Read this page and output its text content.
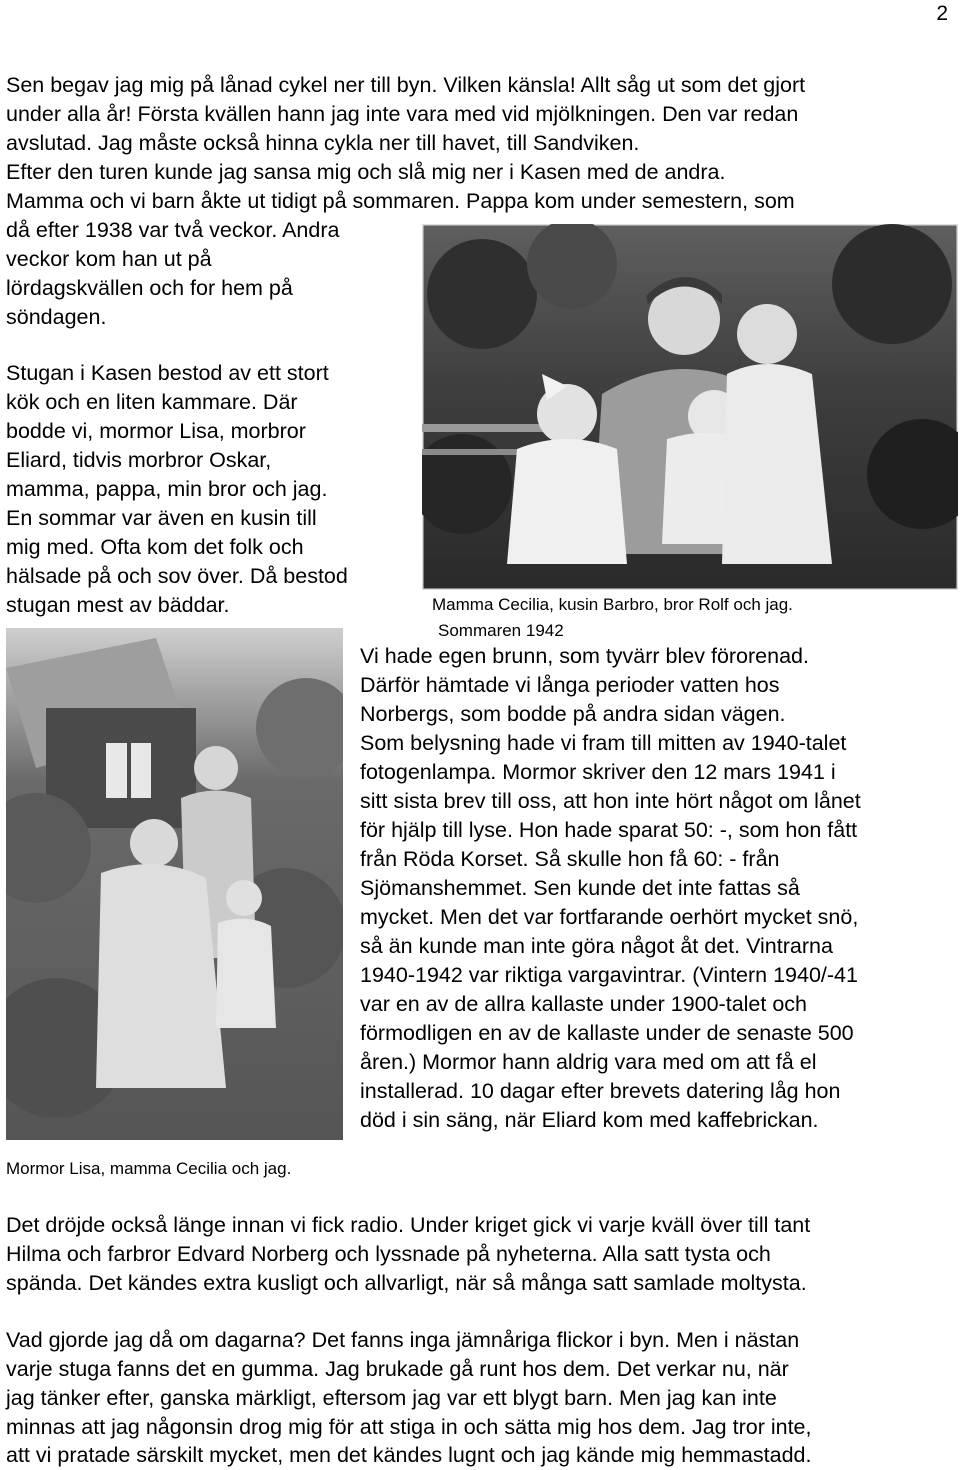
2
Sen begav jag mig på lånad cykel ner till byn. Vilken känsla! Allt såg ut som det gjort
under alla år! Första kvällen hann jag inte vara med vid mjölkningen. Den var redan
avslutad. Jag måste också hinna cykla ner till havet, till Sandviken.
Efter den turen kunde jag sansa mig och slå mig ner i Kasen med de andra.
Mamma och vi barn åkte ut tidigt på sommaren. Pappa kom under semestern, som
då efter 1938 var två veckor. Andra
veckor kom han ut på
lördagskvällen och for hem på
söndagen.
Stugan i Kasen bestod av ett stort
kök och en liten kammare. Där
bodde vi, mormor Lisa, morbror
Eliard, tidvis morbror Oskar,
mamma, pappa, min bror och jag.
En sommar var även en kusin till
mig med. Ofta kom det folk och
hälsade på och sov över. Då bestod
stugan mest av bäddar.	Mamma Cecilia, kusin Barbro, bror Rolf och jag.
Sommaren 1942
Vi hade egen brunn, som tyvärr blev förorenad.
Därför hämtade vi långa perioder vatten hos
Norbergs, som bodde på andra sidan vägen.
Som belysning hade vi fram till mitten av 1940-talet
fotogenlampa. Mormor skriver den 12 mars 1941 i
sitt sista brev till oss, att hon inte hört något om lånet
för hjälp till lyse. Hon hade sparat 50: -, som hon fått
från Röda Korset. Så skulle hon få 60: - från
Sjömanshemmet. Sen kunde det inte fattas så
mycket. Men det var fortfarande oerhört mycket snö,
så än kunde man inte göra något åt det. Vintrarna
1940-1942 var riktiga vargavintrar. (Vintern 1940/-41
var en av de allra kallaste under 1900-talet och
förmodligen en av de kallaste under de senaste 500
åren.) Mormor hann aldrig vara med om att få el
installerad. 10 dagar efter brevets datering låg hon
död i sin säng, när Eliard kom med kaffebrickan.
Mormor Lisa, mamma Cecilia och jag.
Det dröjde också länge innan vi fick radio. Under kriget gick vi varje kväll över till tant
Hilma och farbror Edvard Norberg och lyssnade på nyheterna. Alla satt tysta och
spända. Det kändes extra kusligt och allvarligt, när så många satt samlade moltysta.
Vad gjorde jag då om dagarna? Det fanns inga jämnåriga flickor i byn. Men i nästan
varje stuga fanns det en gumma. Jag brukade gå runt hos dem. Det verkar nu, när
jag tänker efter, ganska märkligt, eftersom jag var ett blygt barn. Men jag kan inte
minnas att jag någonsin drog mig för att stiga in och sätta mig hos dem. Jag tror inte,
att vi pratade särskilt mycket, men det kändes lugnt och jag kände mig hemmastadd.
